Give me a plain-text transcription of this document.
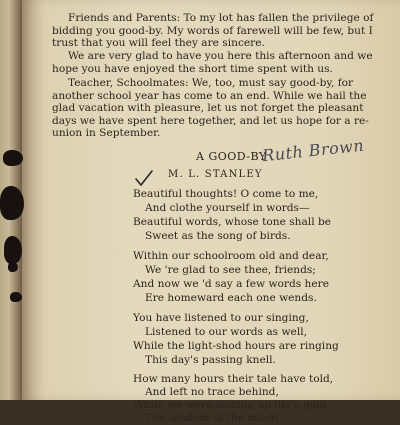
Friends and Parents: To my lot has fallen the privilege of bidding you good-by. My words of farewell will be few, but I trust that you will feel they are sincere.
We are very glad to have you here this afternoon and we hope you have enjoyed the short time spent with us.
Teacher, Schoolmates: We, too, must say good-by, for another school year has come to an end. While we hail the glad vacation with pleasure, let us not forget the pleasant days we have spent here together, and let us hope for a re-union in September.
A GOOD-BY
M. L. STANLEY
Ruth Brown
Beautiful thoughts! O come to me,
And clothe yourself in words—
Beautiful words, whose tone shall be
Sweet as the song of birds.
Within our schoolroom old and dear,
We 're glad to see thee, friends;
And now we 'd say a few words here
Ere homeward each one wends.
You have listened to our singing,
Listened to our words as well,
While the light-shod hours are ringing
This day's passing knell.
How many hours their tale have told,
And left no trace behind,
While we were storing up life's gold,
The wisdom of the mind!
